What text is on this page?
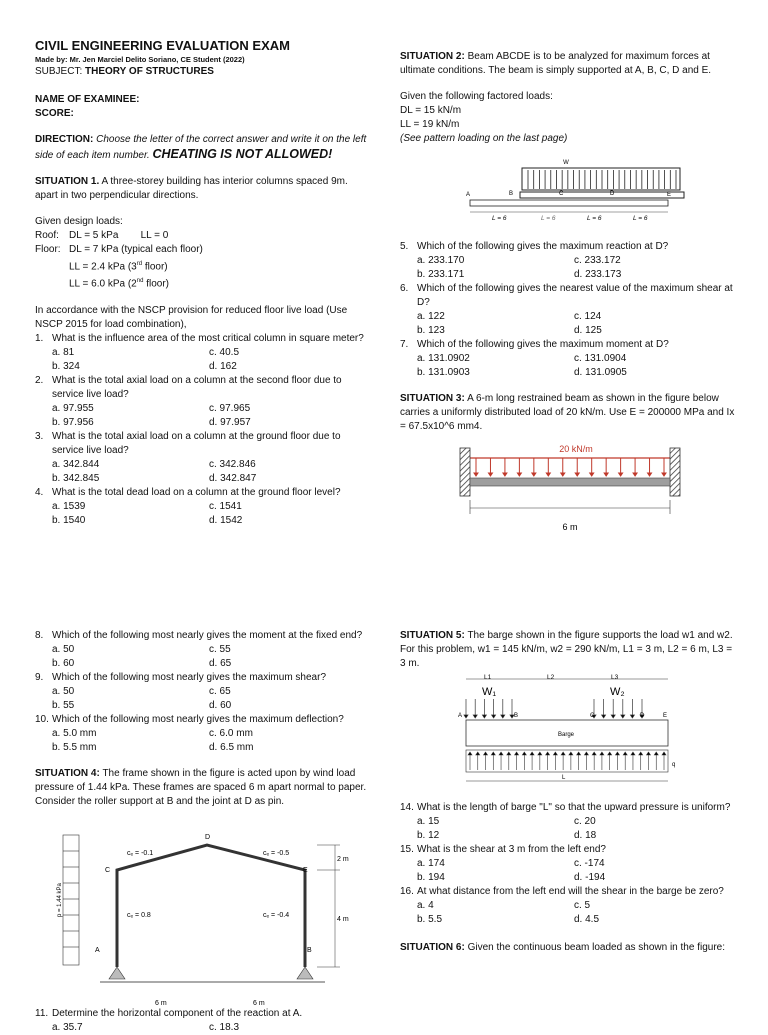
CIVIL ENGINEERING EVALUATION EXAM

Made by: Mr. Jen Marciel Delito Soriano, CE Student (2022)

SUBJECT: THEORY OF STRUCTURES

NAME OF EXAMINEE:

SCORE:

DIRECTION: Choose the letter of the correct answer and write it on the left side of each item number. CHEATING IS NOT ALLOWED!

SITUATION 1. A three-storey building has interior columns spaced 9m. apart in two perpendicular directions.

Given design loads:

Roof:	DL = 5 kPa        LL = 0
Floor: DL = 7 kPa (typical each floor)

LL = 2.4 kPa (3rd floor)

LL = 6.0 kPa (2nd floor)

In accordance with the NSCP provision for reduced floor live load (Use NSCP 2015 for load combination),

1. What is the influence area of the most critical column in square meter?
a. 81	c. 40.5
b. 324	d. 162
2. What is the total axial load on a column at the second floor due to service live load?
a. 97.955	c. 97.965
b. 97.956	d. 97.957
3. What is the total axial load on a column at the ground floor due to service live load?
a. 342.844	c. 342.846
b. 342.845	d. 342.847
4. What is the total dead load on a column at the ground floor level?
a. 1539	c. 1541
b. 1540	d. 1542

SITUATION 2: Beam ABCDE is to be analyzed for maximum forces at ultimate conditions. The beam is simply supported at A, B, C, D and E.

Given the following factored loads:

DL = 15 kN/m

LL = 19 kN/m

(See pattern loading on the last page)

W
A	B	C	D	E
L = 6	L = 6	L = 6	L = 6
5. Which of the following gives the maximum reaction at D?
a. 233.170	c. 233.172
b. 233.171	d. 233.173
6. Which of the following gives the nearest value of the maximum shear at D?
a. 122	c. 124
b. 123	d. 125
7. Which of the following gives the maximum moment at D?
a. 131.0902	c. 131.0904
b. 131.0903	d. 131.0905

SITUATION 3: A 6-m long restrained beam as shown in the figure below carries a uniformly distributed load of 20 kN/m. Use E = 200000 MPa and Ix = 67.5x10^6 mm4.

20 kN/m
6 m
8. Which of the following most nearly gives the moment at the fixed end?
a. 50	c. 55
b. 60	d. 65
9. Which of the following most nearly gives the maximum shear?
a. 50	c. 65
b. 55	d. 60
10. Which of the following most nearly gives the maximum deflection?
a. 5.0 mm	c. 6.0 mm
b. 5.5 mm	d. 6.5 mm

SITUATION 4: The frame shown in the figure is acted upon by wind load pressure of 1.44 kPa. These frames are spaced 6 m apart normal to paper. Consider the roller support at B and the joint at D as pin.

p = 1.44 kPa
D
C	E
A	B
cₑ = -0.1	cₑ = -0.5
cₑ = 0.8	cₑ = -0.4
2 m
4 m
6 m	6 m
11. Determine the horizontal component of the reaction at A.
a. 35.7	c. 18.3

SITUATION 5: The barge shown in the figure supports the load w1 and w2. For this problem, w1 = 145 kN/m, w2 = 290 kN/m, L1 = 3 m, L2 = 6 m, L3 = 3 m.

L1	L2	L3
W₁	W₂
A	B	C	D	E
Barge
q
L
14. What is the length of barge "L" so that the upward pressure is uniform?
a. 15	c. 20
b. 12	d. 18
15. What is the shear at 3 m from the left end?
a. 174	c. -174
b. 194	d. -194
16. At what distance from the left end will the shear in the barge be zero?
a. 4	c. 5
b. 5.5	d. 4.5

SITUATION 6: Given the continuous beam loaded as shown in the figure:
